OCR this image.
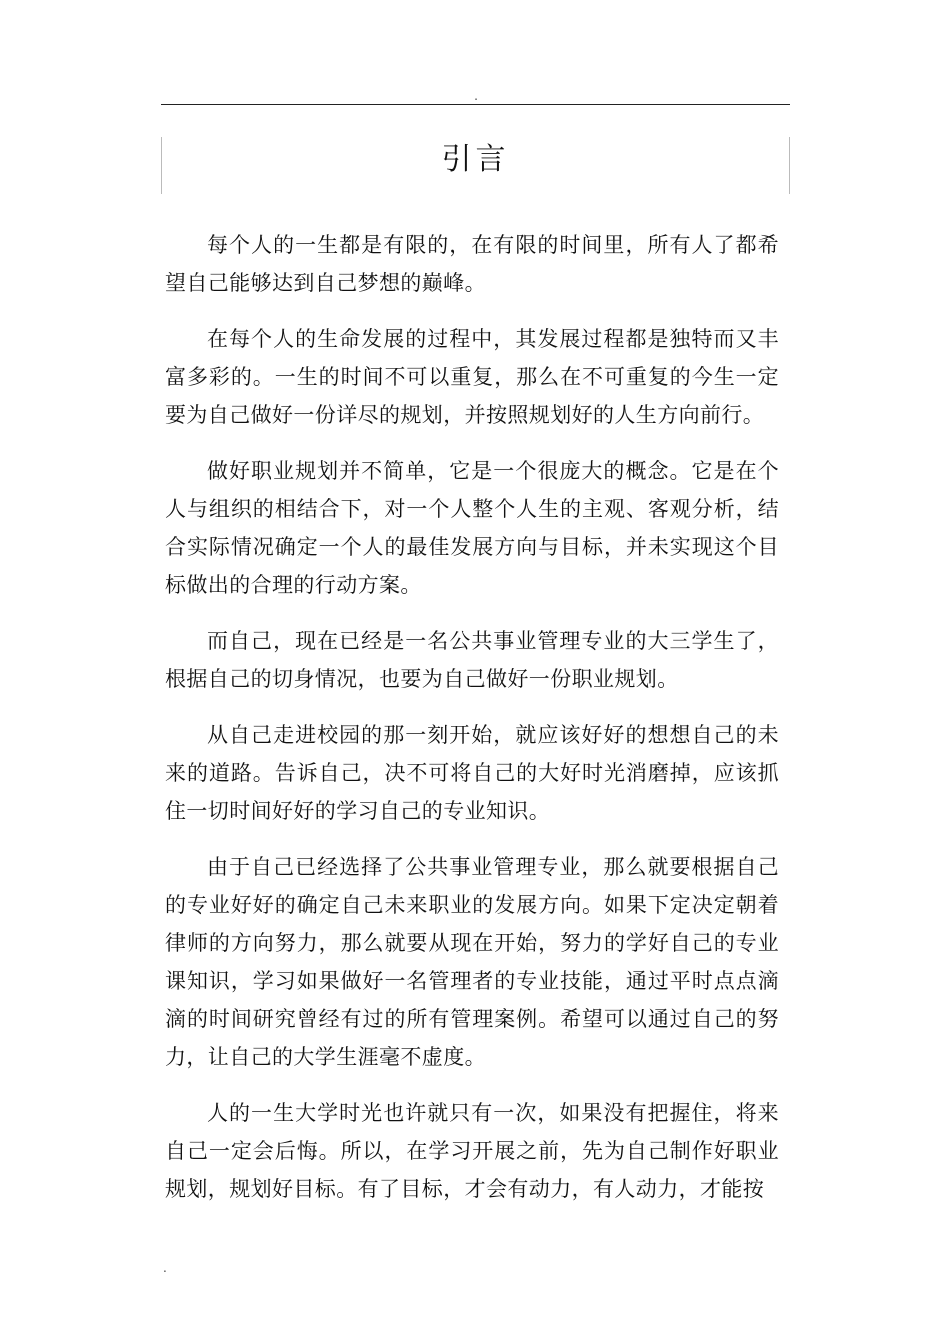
.
引言

每个人的一生都是有限的，在有限的时间里，所有人了都希望自己能够达到自己梦想的巅峰。

在每个人的生命发展的过程中，其发展过程都是独特而又丰富多彩的。一生的时间不可以重复，那么在不可重复的今生一定要为自己做好一份详尽的规划，并按照规划好的人生方向前行。

做好职业规划并不简单，它是一个很庞大的概念。它是在个人与组织的相结合下，对一个人整个人生的主观、客观分析，结合实际情况确定一个人的最佳发展方向与目标，并未实现这个目标做出的合理的行动方案。

而自己，现在已经是一名公共事业管理专业的大三学生了，根据自己的切身情况，也要为自己做好一份职业规划。

从自己走进校园的那一刻开始，就应该好好的想想自己的未来的道路。告诉自己，决不可将自己的大好时光消磨掉，应该抓住一切时间好好的学习自己的专业知识。

由于自己已经选择了公共事业管理专业，那么就要根据自己的专业好好的确定自己未来职业的发展方向。如果下定决定朝着律师的方向努力，那么就要从现在开始，努力的学好自己的专业课知识，学习如果做好一名管理者的专业技能，通过平时点点滴滴的时间研究曾经有过的所有管理案例。希望可以通过自己的努力，让自己的大学生涯毫不虚度。

人的一生大学时光也许就只有一次，如果没有把握住，将来自己一定会后悔。所以，在学习开展之前，先为自己制作好职业规划，规划好目标。有了目标，才会有动力，有人动力，才能按

.
